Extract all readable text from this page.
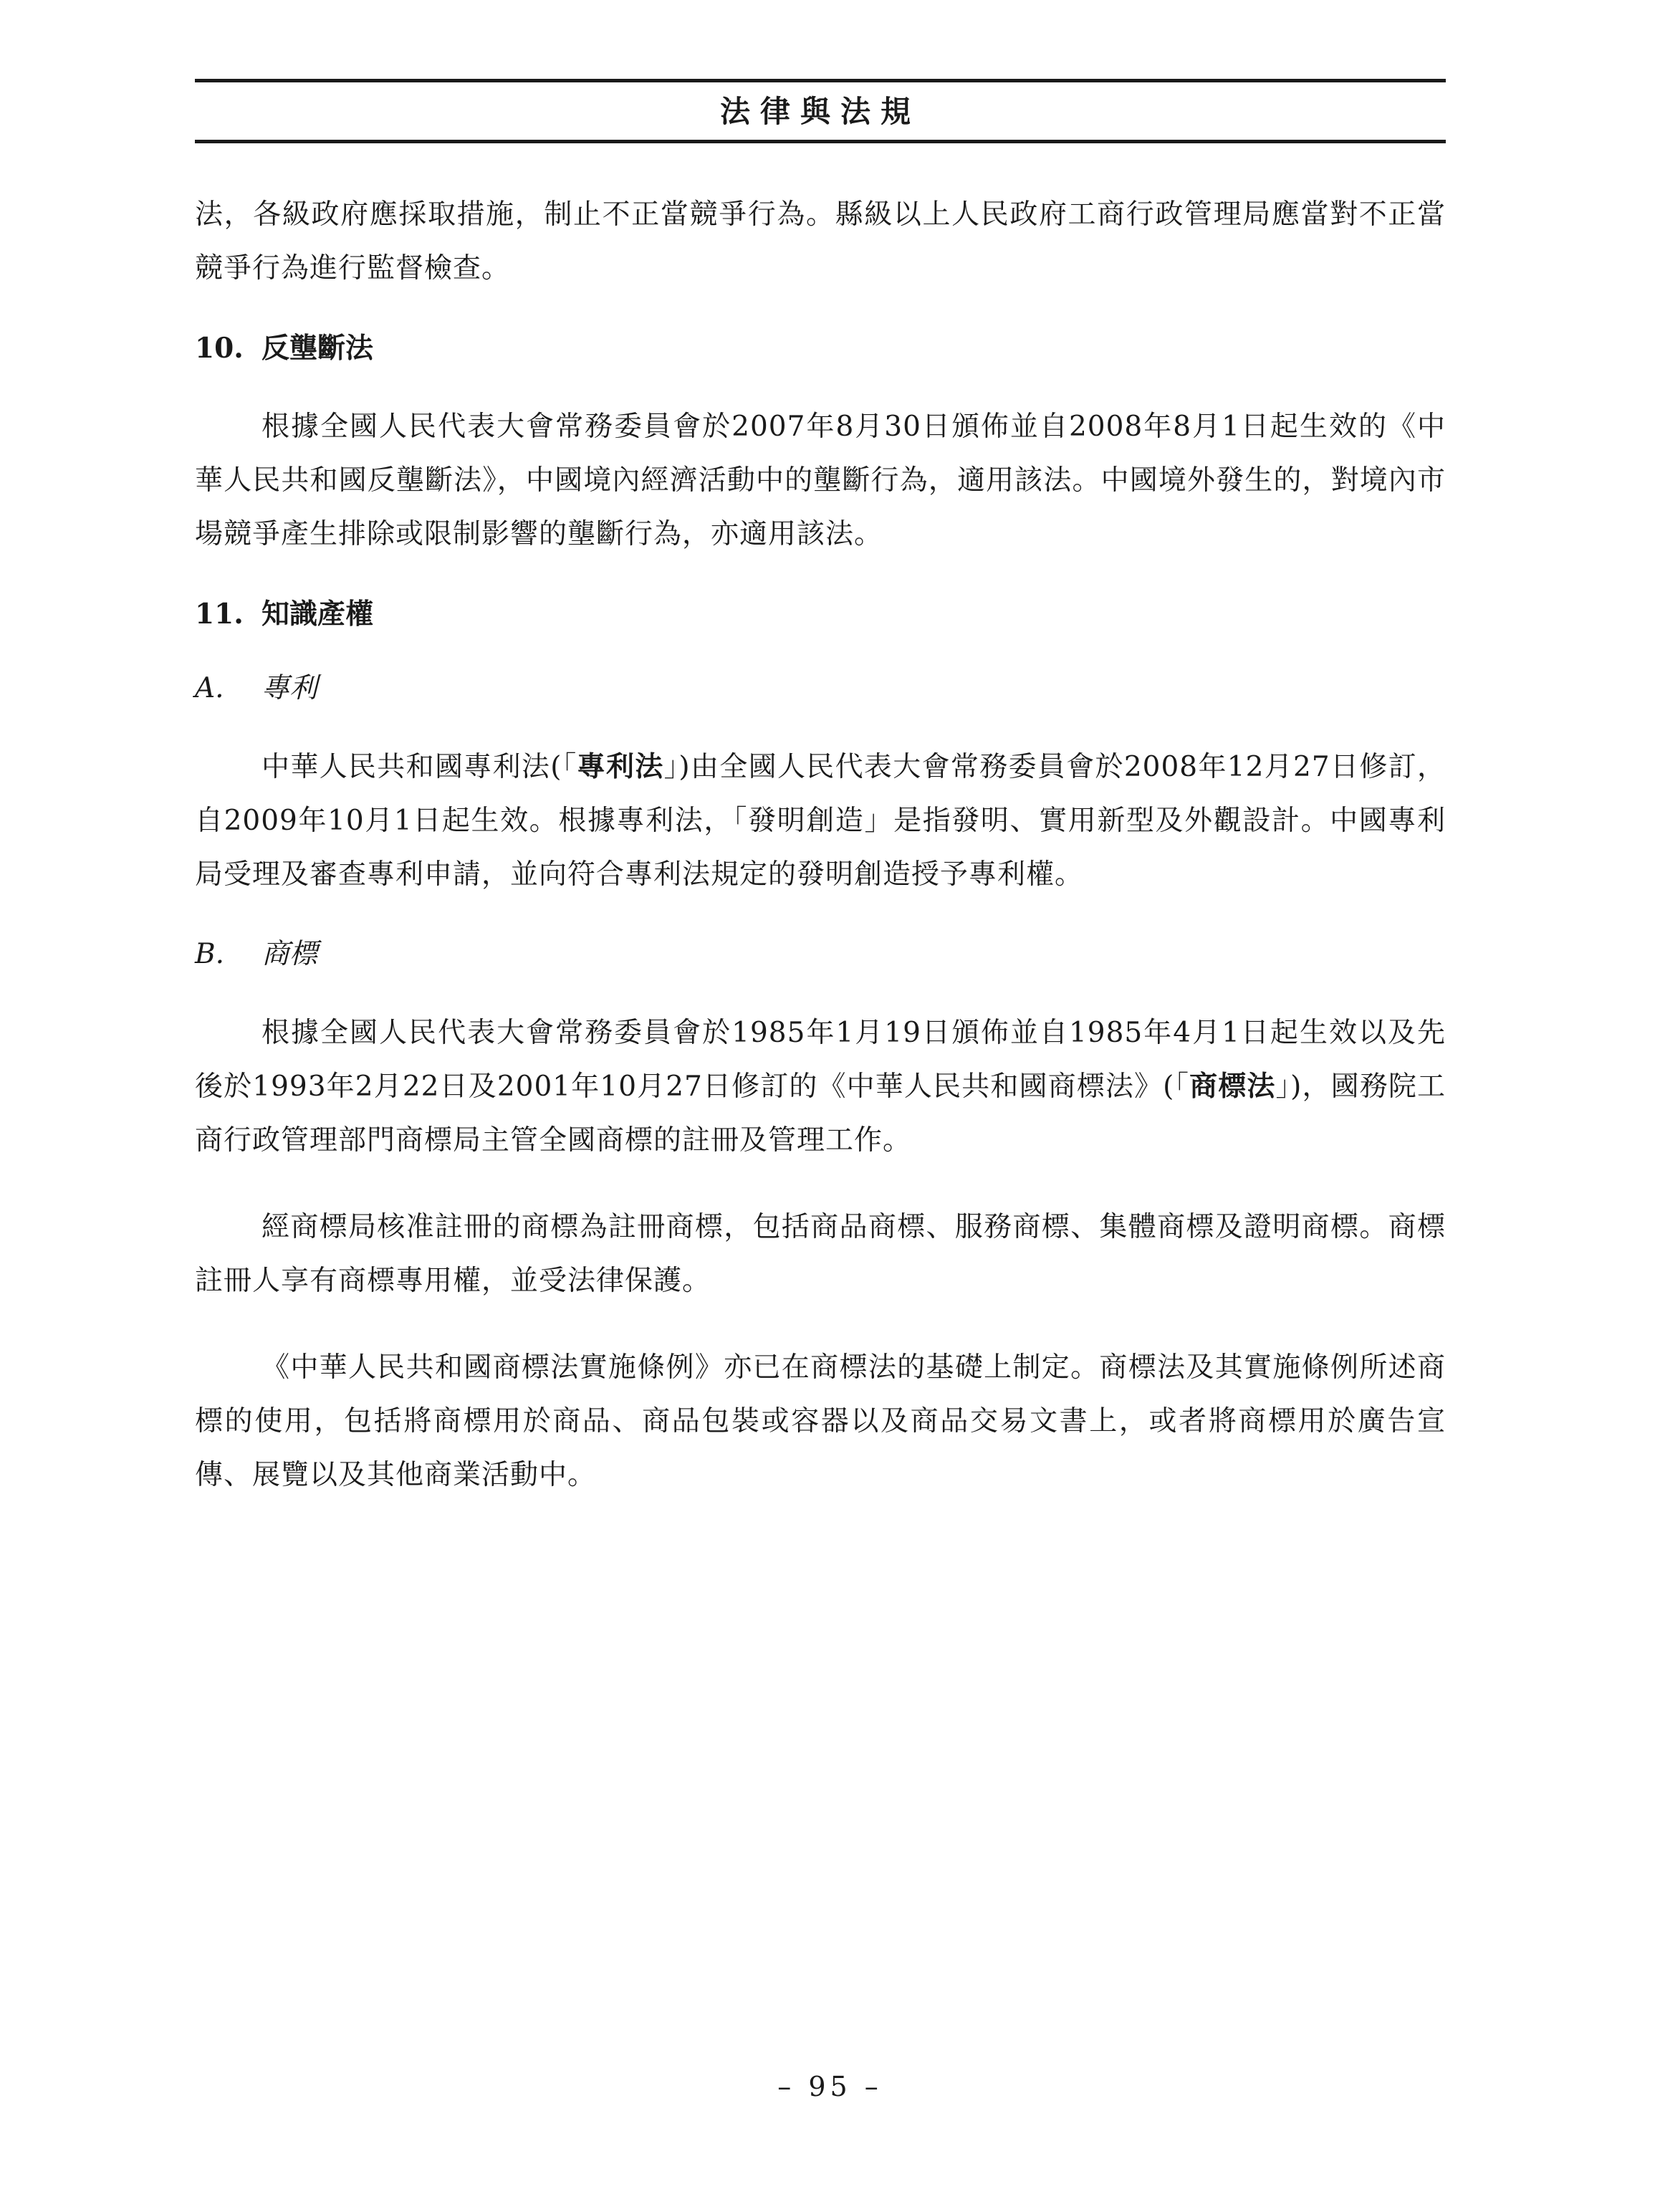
法律與法規

法，各級政府應採取措施，制止不正當競爭行為。縣級以上人民政府工商行政管理局應當對不正當競爭行為進行監督檢查。

10. 反壟斷法

根據全國人民代表大會常務委員會於2007年8月30日頒佈並自2008年8月1日起生效的《中華人民共和國反壟斷法》，中國境內經濟活動中的壟斷行為，適用該法。中國境外發生的，對境內市場競爭產生排除或限制影響的壟斷行為，亦適用該法。

11. 知識產權

A. 專利

中華人民共和國專利法(「專利法」)由全國人民代表大會常務委員會於2008年12月27日修訂，自2009年10月1日起生效。根據專利法，「發明創造」是指發明、實用新型及外觀設計。中國專利局受理及審查專利申請，並向符合專利法規定的發明創造授予專利權。

B. 商標

根據全國人民代表大會常務委員會於1985年1月19日頒佈並自1985年4月1日起生效以及先後於1993年2月22日及2001年10月27日修訂的《中華人民共和國商標法》(「商標法」)，國務院工商行政管理部門商標局主管全國商標的註冊及管理工作。

經商標局核准註冊的商標為註冊商標，包括商品商標、服務商標、集體商標及證明商標。商標註冊人享有商標專用權，並受法律保護。

《中華人民共和國商標法實施條例》亦已在商標法的基礎上制定。商標法及其實施條例所述商標的使用，包括將商標用於商品、商品包裝或容器以及商品交易文書上，或者將商標用於廣告宣傳、展覽以及其他商業活動中。

– 95 –
